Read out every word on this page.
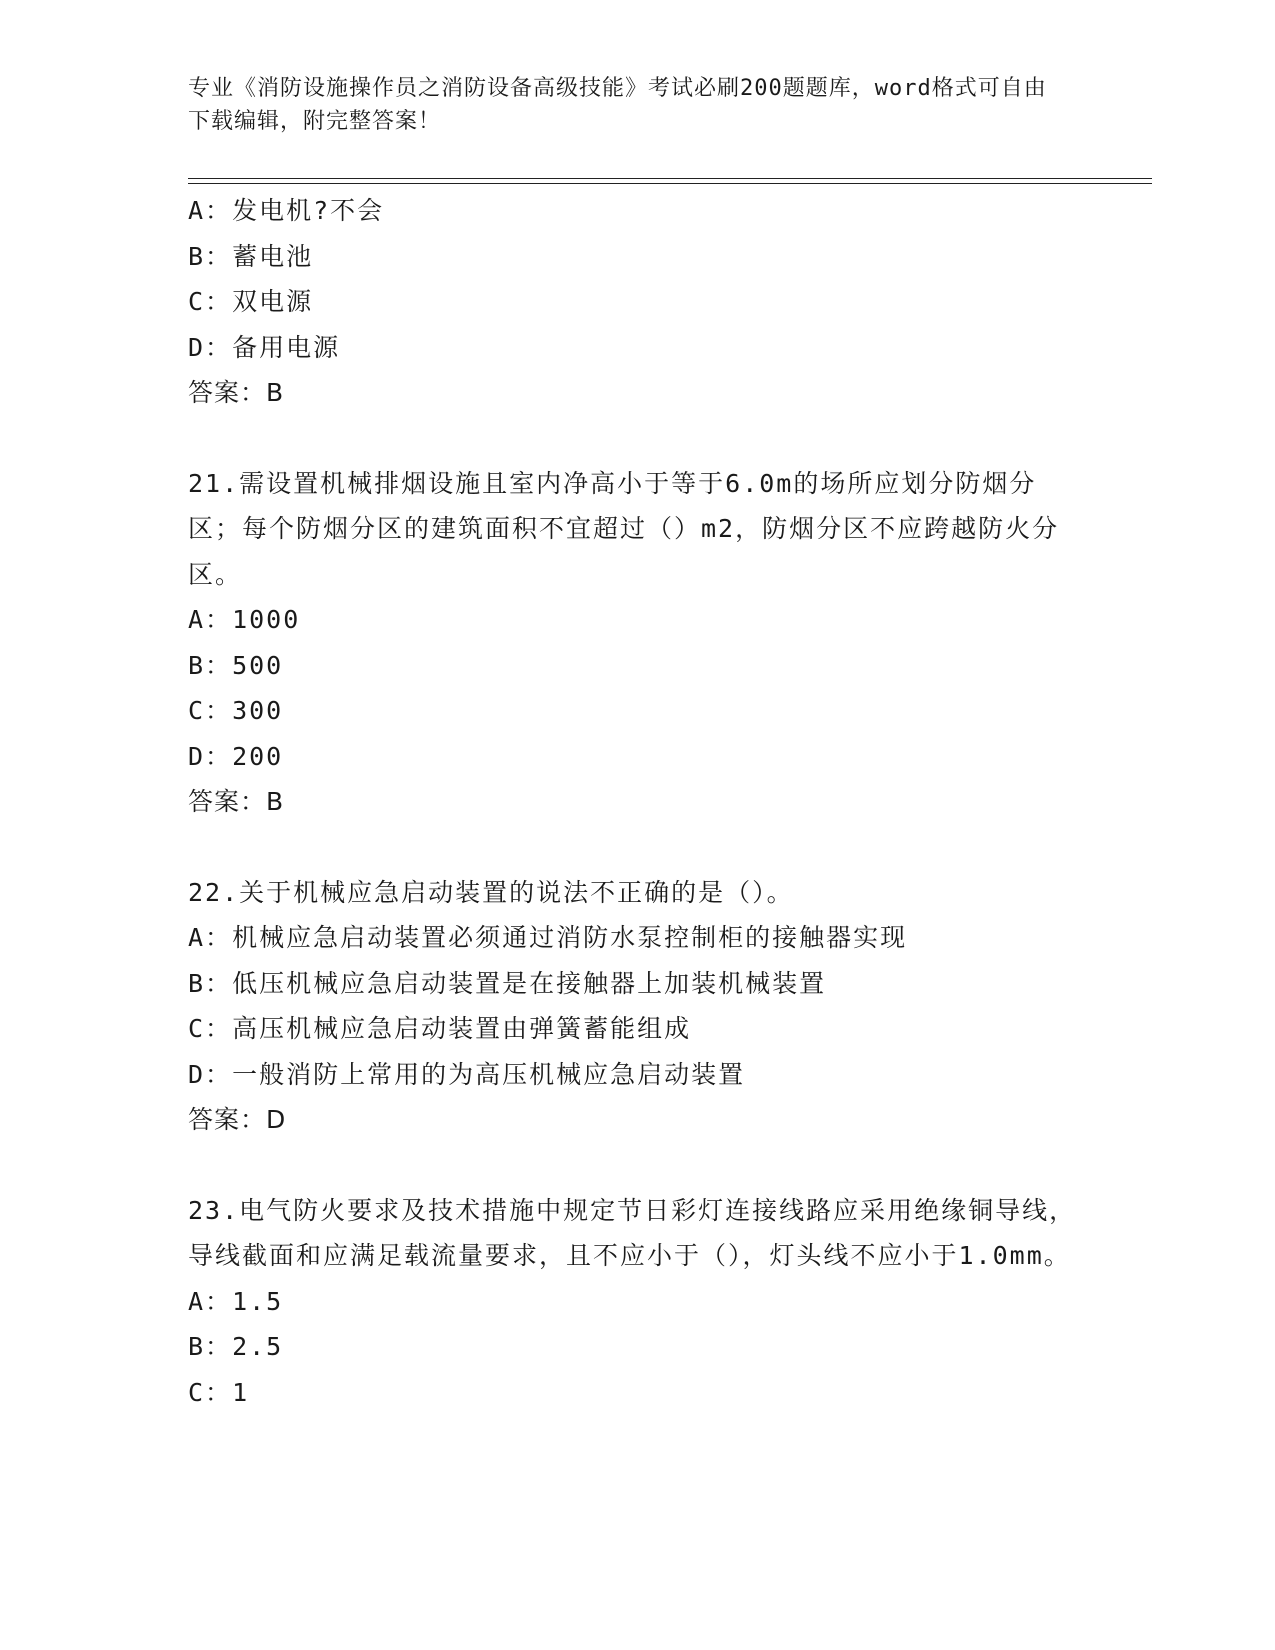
专业《消防设施操作员之消防设备高级技能》考试必刷200题题库，word格式可自由下载编辑，附完整答案！
A：发电机?不会
B：蓄电池
C：双电源
D：备用电源
答案：B
21.需设置机械排烟设施且室内净高小于等于6.0m的场所应划分防烟分区；每个防烟分区的建筑面积不宜超过（）m2，防烟分区不应跨越防火分区。
A：1000
B：500
C：300
D：200
答案：B
22.关于机械应急启动装置的说法不正确的是（）。
A：机械应急启动装置必须通过消防水泵控制柜的接触器实现
B：低压机械应急启动装置是在接触器上加装机械装置
C：高压机械应急启动装置由弹簧蓄能组成
D：一般消防上常用的为高压机械应急启动装置
答案：D
23.电气防火要求及技术措施中规定节日彩灯连接线路应采用绝缘铜导线，导线截面和应满足载流量要求，且不应小于（），灯头线不应小于1.0mm。
A：1.5
B：2.5
C：1
